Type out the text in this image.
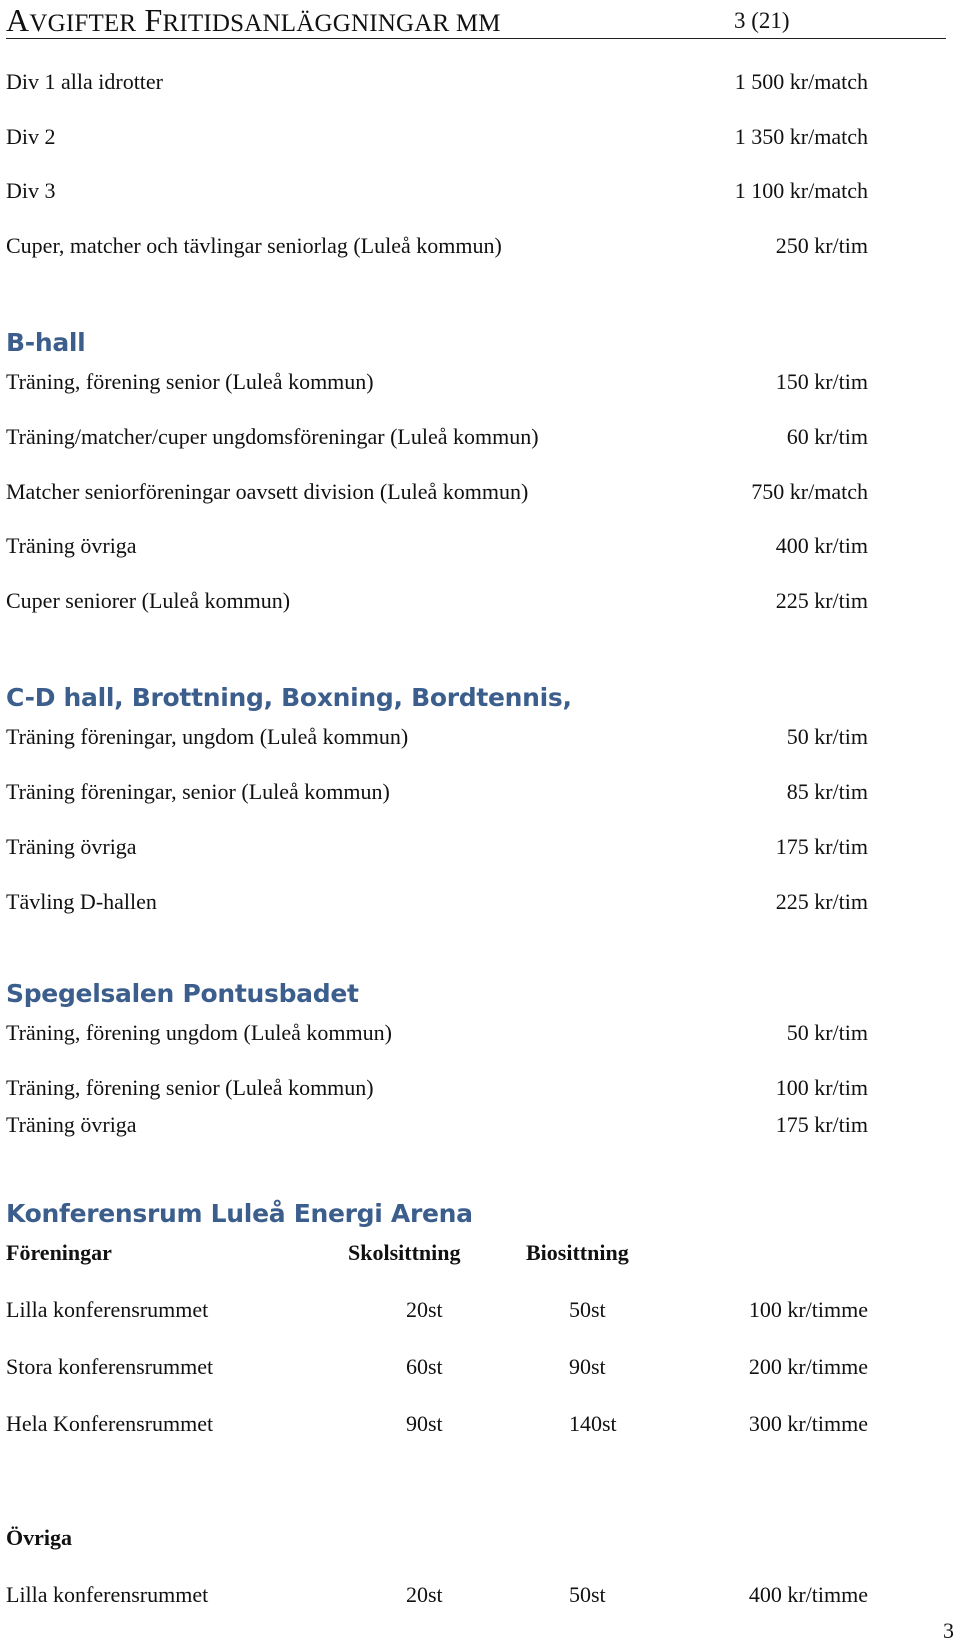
AVGIFTER FRITIDSANLÄGGNINGAR MM	3 (21)
Div 1 alla idrotter	1 500 kr/match
Div 2	1 350 kr/match
Div 3	1 100 kr/match
Cuper, matcher och tävlingar seniorlag (Luleå kommun)	250 kr/tim
B-hall
Träning, förening senior (Luleå kommun)	150 kr/tim
Träning/matcher/cuper ungdomsföreningar (Luleå kommun)	60 kr/tim
Matcher seniorföreningar oavsett division (Luleå kommun)	750 kr/match
Träning övriga	400 kr/tim
Cuper seniorer (Luleå kommun)	225 kr/tim
C-D hall, Brottning, Boxning, Bordtennis,
Träning föreningar, ungdom (Luleå kommun)	50 kr/tim
Träning föreningar, senior (Luleå kommun)	85 kr/tim
Träning övriga	175 kr/tim
Tävling D-hallen	225 kr/tim
Spegelsalen Pontusbadet
Träning, förening ungdom (Luleå kommun)	50 kr/tim
Träning, förening senior (Luleå kommun)	100 kr/tim
Träning övriga	175 kr/tim
Konferensrum Luleå Energi Arena
Föreningar	Skolsittning	Biosittning
Lilla konferensrummet	20st	50st	100 kr/timme
Stora konferensrummet	60st	90st	200 kr/timme
Hela Konferensrummet	90st	140st	300 kr/timme
Övriga
Lilla konferensrummet	20st	50st	400 kr/timme
3
